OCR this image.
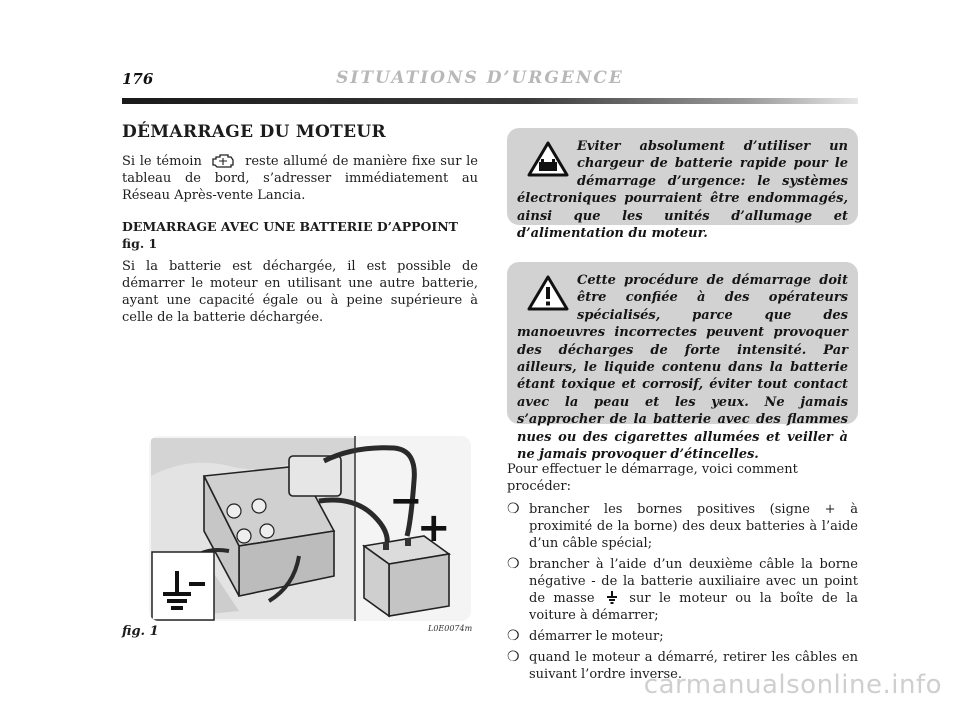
176	SITUATIONS D’URGENCE
DÉMARRAGE DU MOTEUR

Si le témoin	reste allumé de manière fixe sur le tableau de bord, s’adresser immédiatement au Réseau Après-vente Lancia.

DEMARRAGE AVEC UNE BATTERIE D’APPOINT fig. 1

Si la batterie est déchargée, il est possible de démarrer le moteur en utilisant une autre batterie, ayant une capacité égale ou à peine supérieure à celle de la batterie déchargée.

Eviter absolument d’utiliser un chargeur de batterie rapide pour le démarrage d’urgence: le systèmes électroniques pourraient être endommagés, ainsi que les unités d’allumage et d’alimentation du moteur.
Cette procédure de démarrage doit être confiée à des opérateurs spécialisés, parce que des manoeuvres incorrectes peuvent provoquer des décharges de forte intensité. Par ailleurs, le liquide contenu dans la batterie étant toxique et corrosif, éviter tout contact avec la peau et les yeux. Ne jamais s’approcher de la batterie avec des flammes nues ou des cigarettes allumées et veiller à ne jamais provoquer d’étincelles.
−
+
fig. 1	L0E0074m

Pour effectuer le démarrage, voici comment procéder:

❍ brancher les bornes positives (signe + à proximité de la borne) des deux batteries à l’aide d’un câble spécial;
❍ brancher à l’aide d’un deuxième câble la borne négative - de la batterie auxiliaire avec un point de masse	sur le moteur ou la boîte de la voiture à démarrer;
❍ démarrer le moteur;
❍ quand le moteur a démarré, retirer les câbles en suivant l’ordre inverse.
carmanualsonline.info
